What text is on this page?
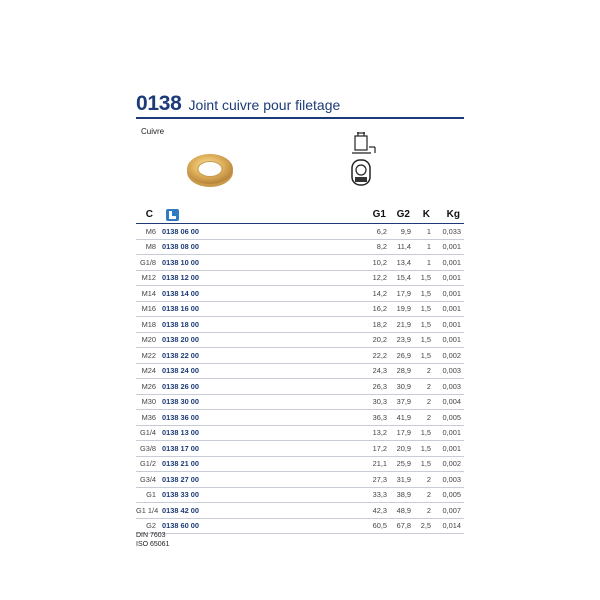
0138 Joint cuivre pour filetage
Cuivre
C		G1	G2	K	Kg
M6	0138 06 00	6,2	9,9	1	0,033
M8	0138 08 00	8,2	11,4	1	0,001
G1/8	0138 10 00	10,2	13,4	1	0,001
M12	0138 12 00	12,2	15,4	1,5	0,001
M14	0138 14 00	14,2	17,9	1,5	0,001
M16	0138 16 00	16,2	19,9	1,5	0,001
M18	0138 18 00	18,2	21,9	1,5	0,001
M20	0138 20 00	20,2	23,9	1,5	0,001
M22	0138 22 00	22,2	26,9	1,5	0,002
M24	0138 24 00	24,3	28,9	2	0,003
M26	0138 26 00	26,3	30,9	2	0,003
M30	0138 30 00	30,3	37,9	2	0,004
M36	0138 36 00	36,3	41,9	2	0,005
G1/4	0138 13 00	13,2	17,9	1,5	0,001
G3/8	0138 17 00	17,2	20,9	1,5	0,001
G1/2	0138 21 00	21,1	25,9	1,5	0,002
G3/4	0138 27 00	27,3	31,9	2	0,003
G1	0138 33 00	33,3	38,9	2	0,005
G1 1/4	0138 42 00	42,3	48,9	2	0,007
G2	0138 60 00	60,5	67,8	2,5	0,014
DIN 7603
ISO 65061
